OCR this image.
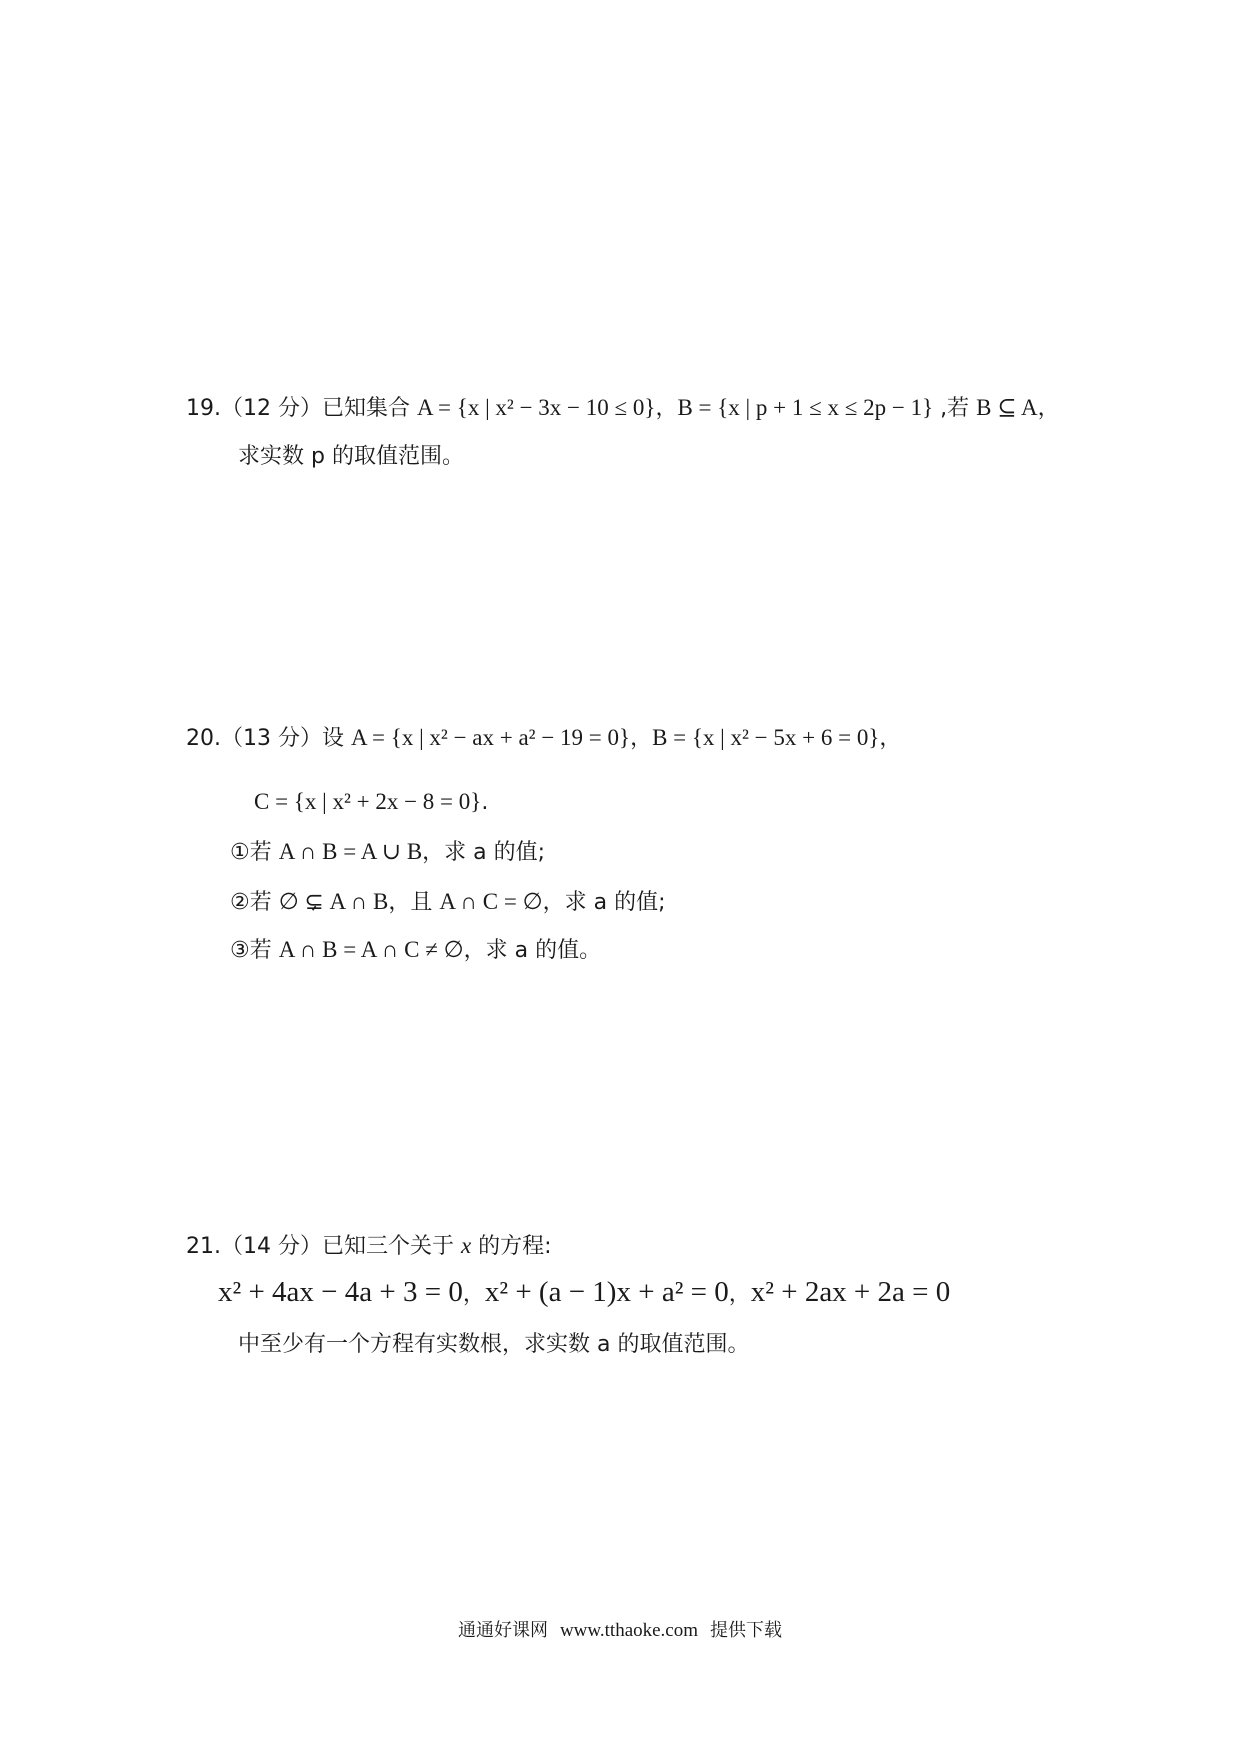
19.（12 分）已知集合 A = {x | x² − 3x − 10 ≤ 0}，B = {x | p + 1 ≤ x ≤ 2p − 1} ,若 B ⊆ A，
求实数 p 的取值范围。
20.（13 分）设 A = {x | x² − ax + a² − 19 = 0}，B = {x | x² − 5x + 6 = 0}，
C = {x | x² + 2x − 8 = 0}.
①若 A ∩ B = A ∪ B，求 a 的值;
②若 ∅ ⊊ A ∩ B，且 A ∩ C = ∅，求 a 的值;
③若 A ∩ B = A ∩ C ≠ ∅，求 a 的值。
21.（14 分）已知三个关于 x 的方程:
x² + 4ax − 4a + 3 = 0，x² + (a − 1)x + a² = 0，x² + 2ax + 2a = 0
中至少有一个方程有实数根，求实数 a 的取值范围。
通通好课网 www.tthaoke.com 提供下载
